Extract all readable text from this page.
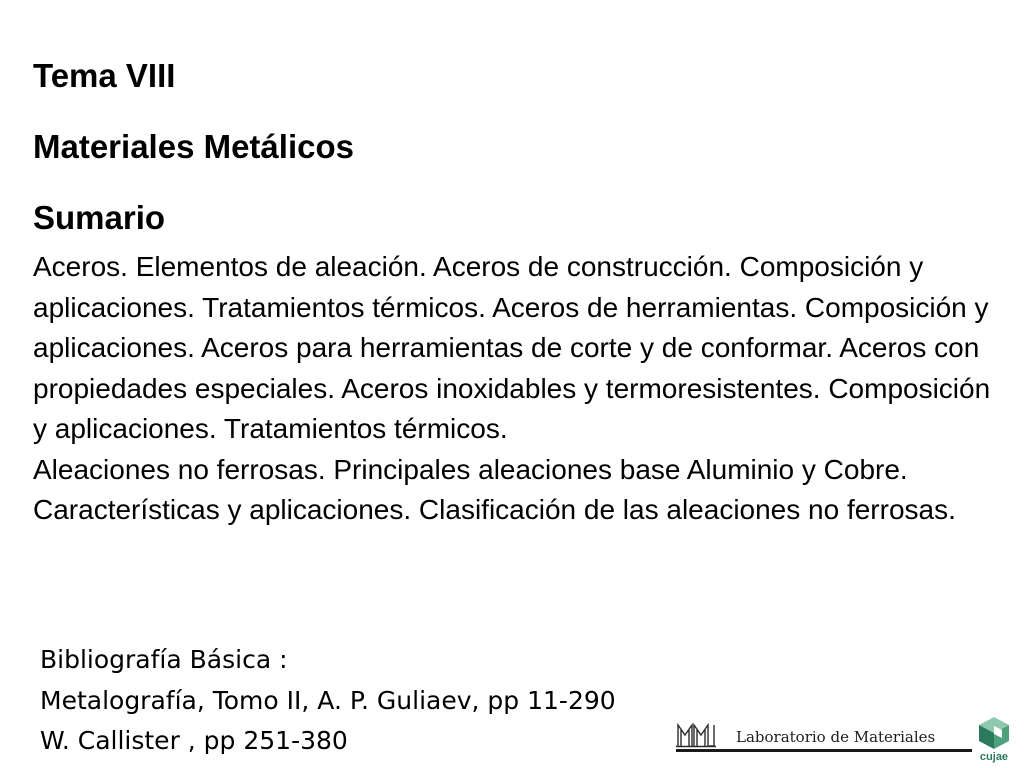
Tema VIII
Materiales Metálicos
Sumario

Aceros. Elementos de aleación. Aceros de construcción. Composición y aplicaciones. Tratamientos térmicos. Aceros de herramientas. Composición y aplicaciones. Aceros para herramientas de corte y de conformar. Aceros con propiedades especiales. Aceros inoxidables y termoresistentes. Composición y aplicaciones. Tratamientos térmicos.

Aleaciones no ferrosas. Principales aleaciones base Aluminio y Cobre. Características y aplicaciones. Clasificación de las aleaciones no ferrosas.

Bibliografía Básica :
Metalografía, Tomo II, A. P. Guliaev, pp 11-290
W. Callister , pp 251-380	Laboratorio de Materiales
cujae
